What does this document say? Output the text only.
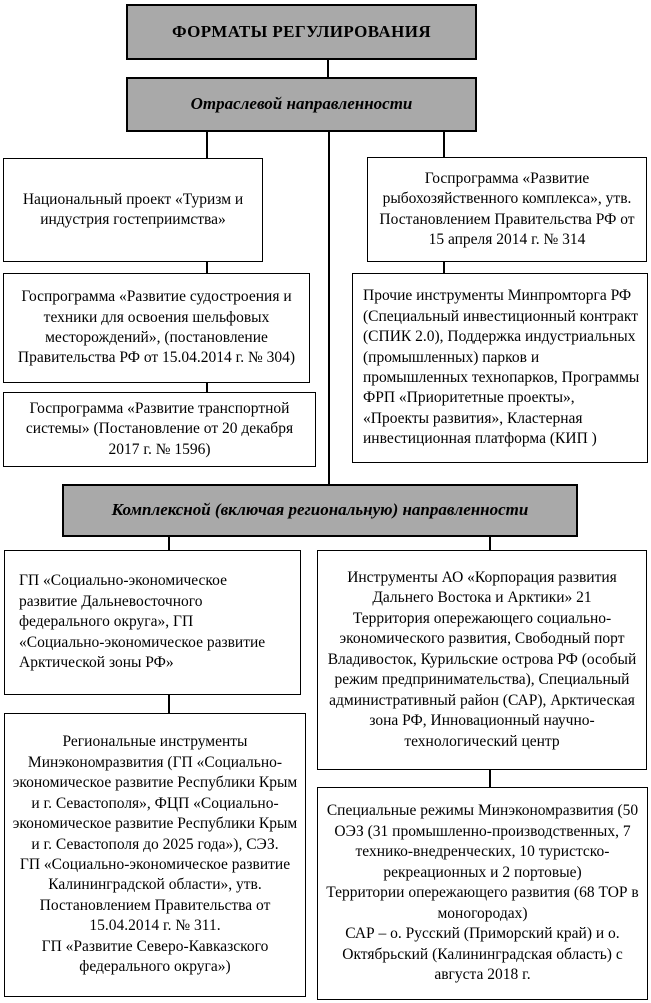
ФОРМАТЫ РЕГУЛИРОВАНИЯ
Отраслевой направленности
Национальный проект «Туризм и индустрия гостеприимства»
Госпрограмма «Развитие судостроения и техники для освоения шельфовых месторождений», (постановление Правительства РФ от 15.04.2014 г. № 304)
Госпрограмма «Развитие транспортной системы» (Постановление от 20 декабря 2017 г. № 1596)
Госпрограмма «Развитие рыбохозяйственного комплекса», утв. Постановлением Правительства РФ от 15 апреля 2014 г. № 314
Прочие инструменты Минпромторга РФ (Специальный инвестиционный контракт (СПИК 2.0), Поддержка индустриальных (промышленных) парков и промышленных технопарков, Программы ФРП «Приоритетные проекты», «Проекты развития», Кластерная инвестиционная платформа (КИП )
Комплексной (включая региональную) направленности
ГП «Социально-экономическое развитие Дальневосточного федерального округа», ГП «Социально-экономическое развитие Арктической зоны РФ»
Региональные инструменты Минэкономразвития (ГП «Социально-экономическое развитие Республики Крым и г. Севастополя», ФЦП «Социально-экономическое развитие Республики Крым и г. Севастополя до 2025 года»), СЭЗ.
ГП «Социально-экономическое развитие Калининградской области», утв. Постановлением Правительства от 15.04.2014 г. № 311.
ГП «Развитие Северо-Кавказского федерального округа»)
Инструменты АО «Корпорация развития Дальнего Востока и Арктики» 21
Территория опережающего социально-экономического развития, Свободный порт Владивосток, Курильские острова РФ (особый режим предпринимательства), Специальный административный район (САР), Арктическая зона РФ, Инновационный научно-технологический центр
Специальные режимы Минэкономразвития (50 ОЭЗ (31 промышленно-производственных, 7 технико-внедренческих, 10 туристско-рекреационных и 2 портовые)
Территории опережающего развития (68 ТОР в моногородах)
САР – о. Русский (Приморский край) и о. Октябрьский (Калининградская область) с августа 2018 г.
